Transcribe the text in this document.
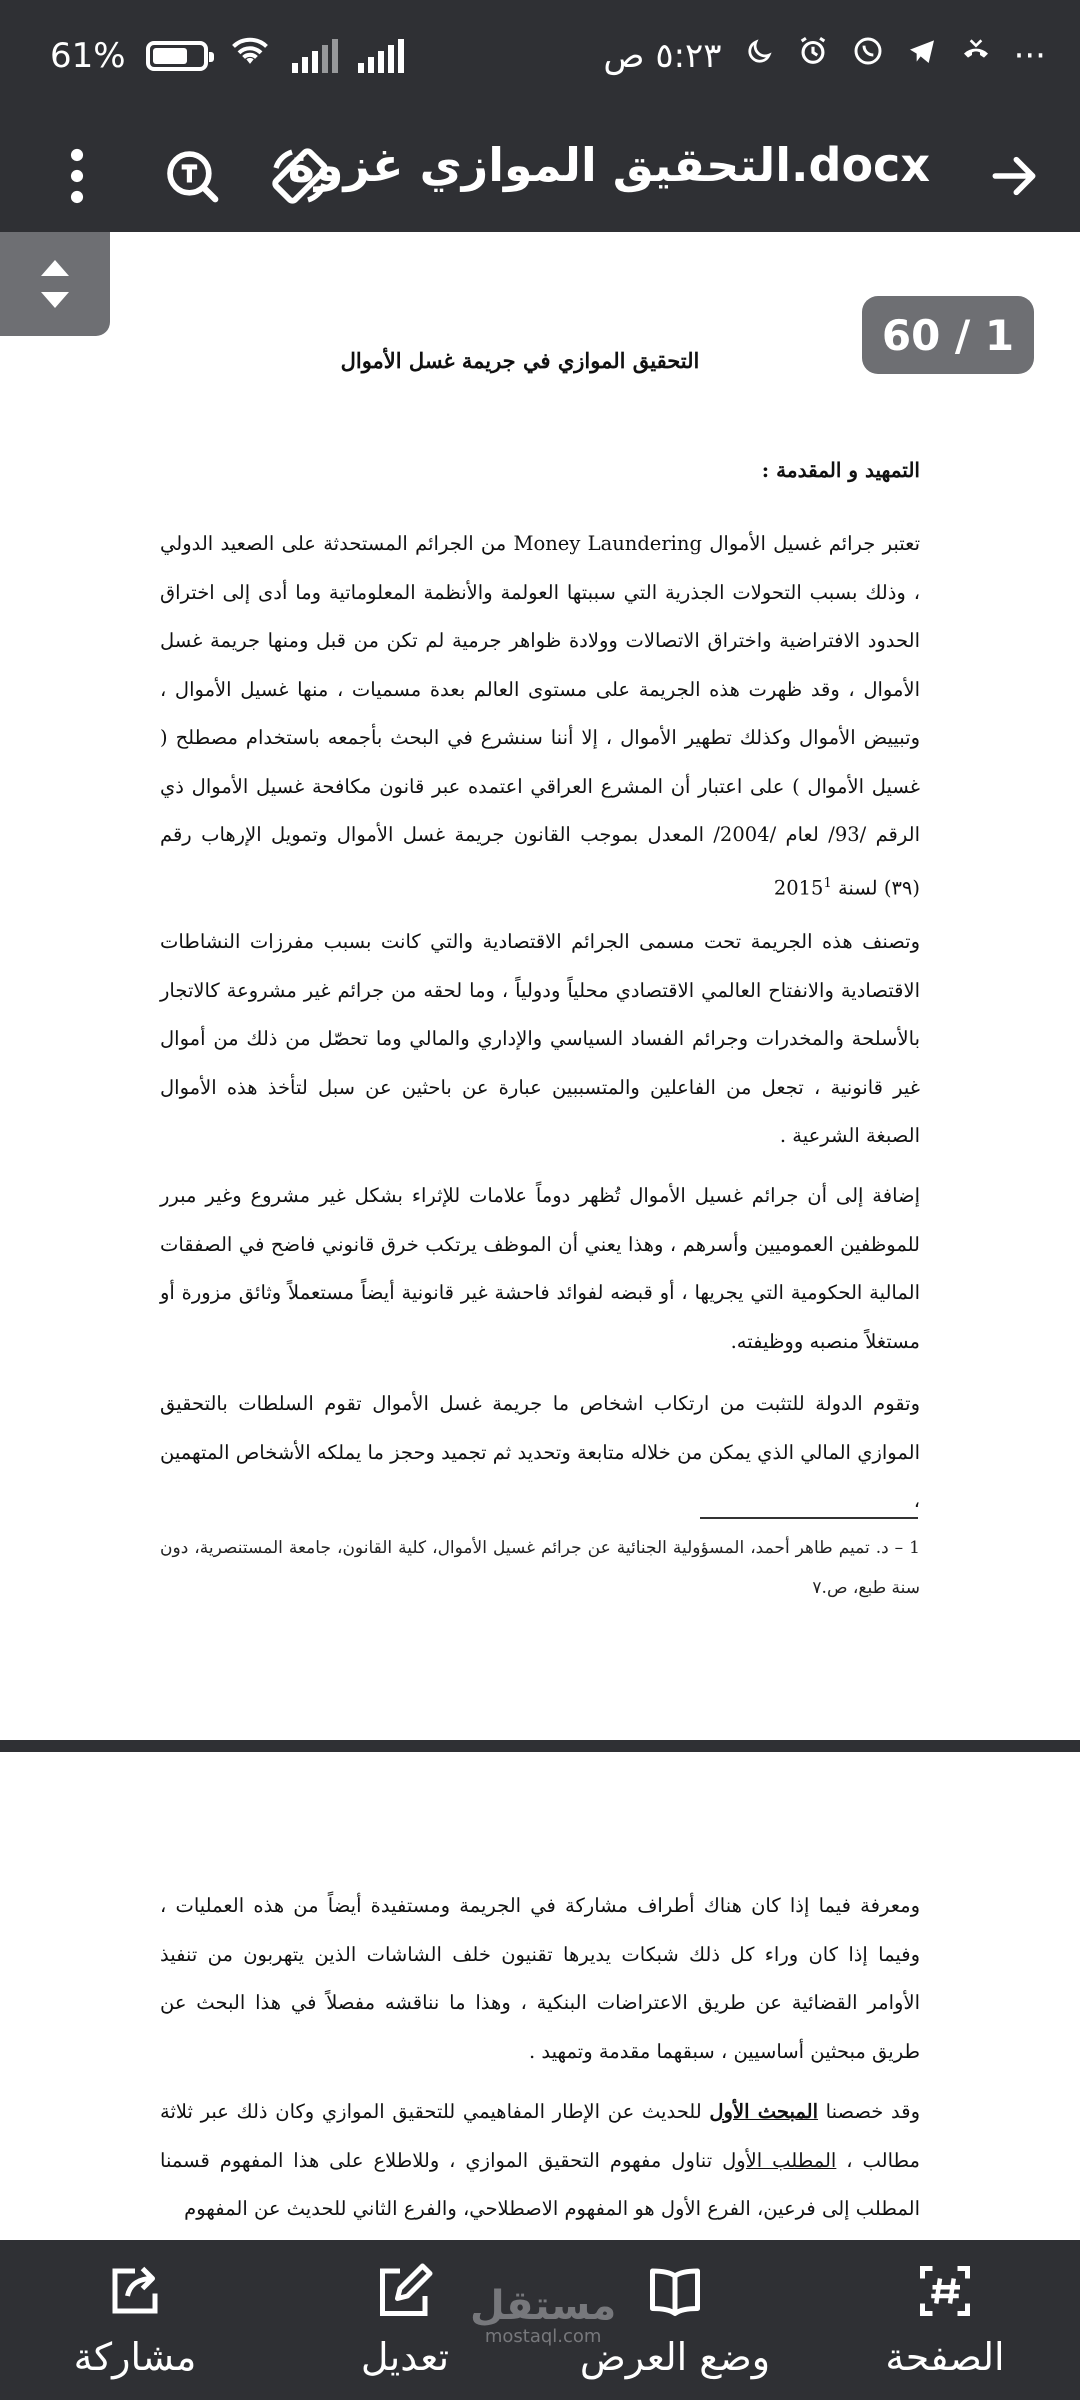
٥:٢٣ ص	···
61%
التحقيق الموازي غزوة.docx
60 / 1
التحقيق الموازي في جريمة غسل الأموال
التمهيد و المقدمة :

تعتبر جرائم غسيل الأموال Money Laundering من الجرائم المستحدثة على الصعيد الدولي ، وذلك بسبب التحولات الجذرية التي سببتها العولمة والأنظمة المعلوماتية وما أدى إلى اختراق الحدود الافتراضية واختراق الاتصالات وولادة ظواهر جرمية لم تكن من قبل ومنها جريمة غسل الأموال ، وقد ظهرت هذه الجريمة على مستوى العالم بعدة مسميات ، منها غسيل الأموال ، وتبييض الأموال وكذلك تطهير الأموال ، إلا أننا سنشرع في البحث بأجمعه باستخدام مصطلح ( غسيل الأموال ) على اعتبار أن المشرع العراقي اعتمده عبر قانون مكافحة غسيل الأموال ذي الرقم /93/ لعام /2004/ المعدل بموجب القانون جريمة غسل الأموال وتمويل الإرهاب رقم (٣٩) لسنة 2015$^1$

وتصنف هذه الجريمة تحت مسمى الجرائم الاقتصادية والتي كانت بسبب مفرزات النشاطات الاقتصادية والانفتاح العالمي الاقتصادي محلياً ودولياً ، وما لحقه من جرائم غير مشروعة كالاتجار بالأسلحة والمخدرات وجرائم الفساد السياسي والإداري والمالي وما تحصّل من ذلك من أموال غير قانونية ، تجعل من الفاعلين والمتسببين عبارة عن باحثين عن سبل لتأخذ هذه الأموال الصبغة الشرعية .

إضافة إلى أن جرائم غسيل الأموال تُظهر دوماً علامات للإثراء بشكل غير مشروع وغير مبرر للموظفين العموميين وأسرهم ، وهذا يعني أن الموظف يرتكب خرق قانوني فاضح في الصفقات المالية الحكومية التي يجريها ، أو قبضه لفوائد فاحشة غير قانونية أيضاً مستعملاً وثائق مزورة أو مستغلاً منصبه ووظيفته.

وتقوم الدولة للتثبت من ارتكاب اشخاص ما جريمة غسل الأموال تقوم السلطات بالتحقيق الموازي المالي الذي يمكن من خلاله متابعة وتحديد ثم تجميد وحجز ما يملكه الأشخاص المتهمين ،

1 – د. تميم طاهر أحمد، المسؤولية الجنائية عن جرائم غسيل الأموال، كلية القانون، جامعة المستنصرية، دون سنة طبع، ص.٧

ومعرفة فيما إذا كان هناك أطراف مشاركة في الجريمة ومستفيدة أيضاً من هذه العمليات ، وفيما إذا كان وراء كل ذلك شبكات يديرها تقنيون خلف الشاشات الذين يتهربون من تنفيذ الأوامر القضائية عن طريق الاعتراضات البنكية ، وهذا ما نناقشه مفصلاً في هذا البحث عن طريق مبحثين أساسيين ، سبقهما مقدمة وتمهيد .

وقد خصصنا المبحث الأول للحديث عن الإطار المفاهيمي للتحقيق الموازي وكان ذلك عبر ثلاثة مطالب ، المطلب الأول تناول مفهوم التحقيق الموازي ، وللاطلاع على هذا المفهوم قسمنا المطلب إلى فرعين، الفرع الأول هو المفهوم الاصطلاحي، والفرع الثاني للحديث عن المفهوم

الصفحة
وضع العرض
تعديل
مشاركة
مستقل
mostaql.com
